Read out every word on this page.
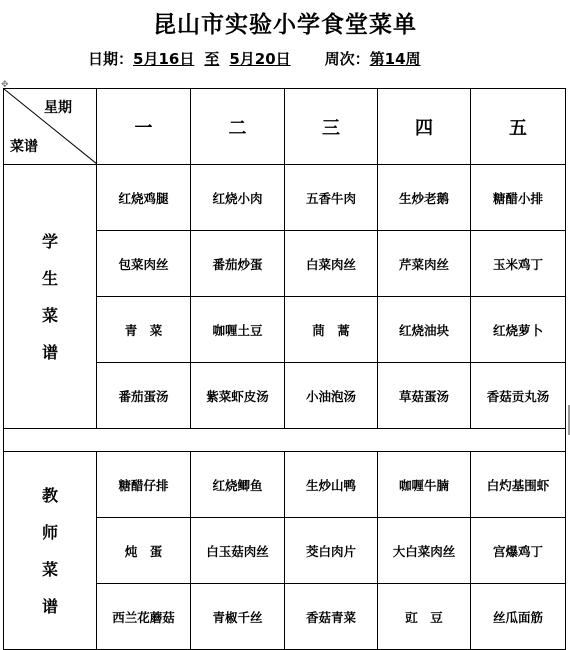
昆山市实验小学食堂菜单
日期：5月16日 至 5月20日 周次：第14周
✥
星期
菜谱	一	二	三	四	五

学
生
菜
谱	红烧鸡腿	红烧小肉	五香牛肉	生炒老鹅	糖醋小排
	包菜肉丝	番茄炒蛋	白菜肉丝	芹菜肉丝	玉米鸡丁
	青　菜	咖喱土豆	茼　蒿	红烧油块	红烧萝卜
	番茄蛋汤	紫菜虾皮汤	小油泡汤	草菇蛋汤	香菇贡丸汤

教
师
菜
谱	糖醋仔排	红烧鲫鱼	生炒山鸭	咖喱牛腩	白灼基围虾
	炖　蛋	白玉菇肉丝	茭白肉片	大白菜肉丝	宫爆鸡丁
	西兰花蘑菇	青椒千丝	香菇青菜	豇　豆	丝瓜面筋
